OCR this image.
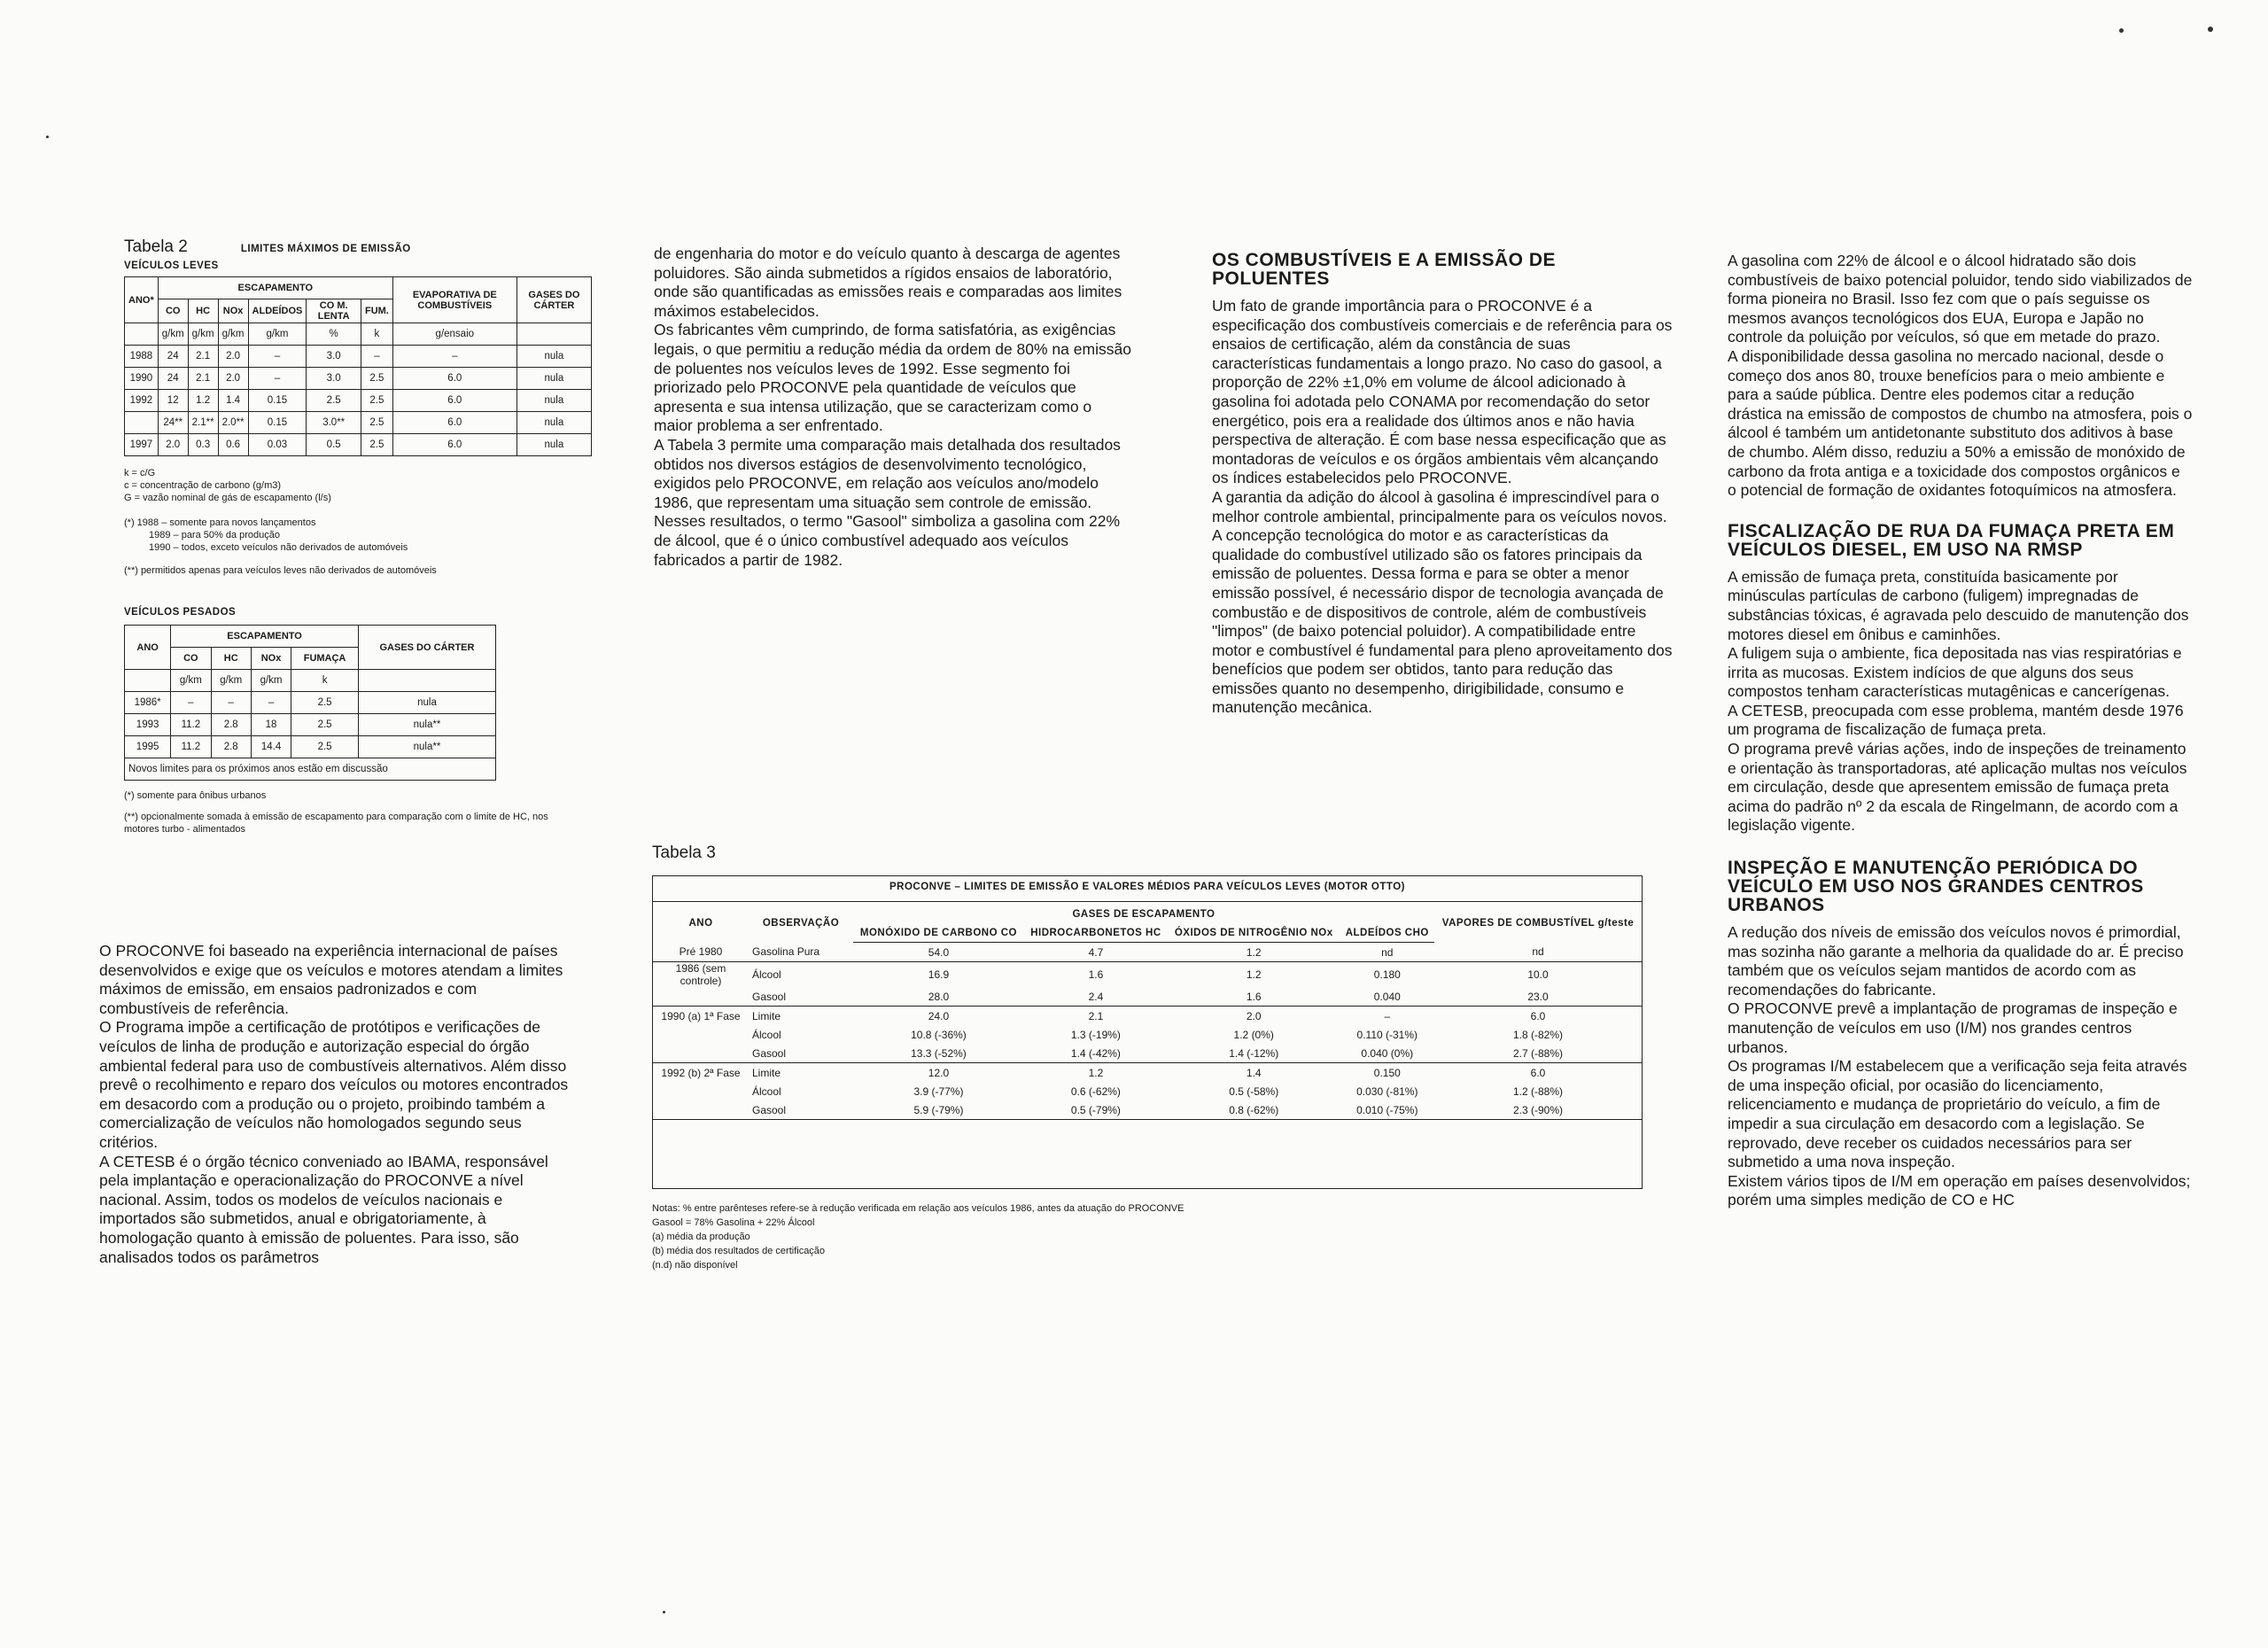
Tabela 2	LIMITES MÁXIMOS DE EMISSÃO
VEÍCULOS LEVES
ANO*	ESCAPAMENTO						EVAPORATIVA DE COMBUSTÍVEIS	GASES DO CÁRTER
	CO	HC	NOx	ALDEÍDOS	CO M. LENTA	FUM.		
	g/km	g/km	g/km	g/km	%	k	g/ensaio	
1988	24	2.1	2.0	–	3.0	–	–	nula
1990	24	2.1	2.0	–	3.0	2.5	6.0	nula
1992	12	1.2	1.4	0.15	2.5	2.5	6.0	nula
	24**	2.1**	2.0**	0.15	3.0**	2.5	6.0	nula
1997	2.0	0.3	0.6	0.03	0.5	2.5	6.0	nula
k = c/G
c = concentração de carbono (g/m3)
G = vazão nominal de gás de escapamento (l/s)
(*) 1988 – somente para novos lançamentos
1989 – para 50% da produção
1990 – todos, exceto veículos não derivados de automóveis
(**) permitidos apenas para veículos leves não derivados de automóveis
VEÍCULOS PESADOS
ANO	ESCAPAMENTO				GASES DO CÁRTER
	CO	HC	NOx	FUMAÇA	
	g/km	g/km	g/km	k	
1986*	–	–	–	2.5	nula
1993	11.2	2.8	18	2.5	nula**
1995	11.2	2.8	14.4	2.5	nula**
Novos limites para os próximos anos estão em discussão					
(*) somente para ônibus urbanos
(**) opcionalmente somada à emissão de escapamento para comparação com o limite de HC, nos motores turbo - alimentados

O PROCONVE foi baseado na experiência internacional de países desenvolvidos e exige que os veículos e motores atendam a limites máximos de emissão, em ensaios padronizados e com combustíveis de referência.

O Programa impõe a certificação de protótipos e verificações de veículos de linha de produção e autorização especial do órgão ambiental federal para uso de combustíveis alternativos. Além disso prevê o recolhimento e reparo dos veículos ou motores encontrados em desacordo com a produção ou o projeto, proibindo também a comercialização de veículos não homologados segundo seus critérios.

A CETESB é o órgão técnico conveniado ao IBAMA, responsável pela implantação e operacionalização do PROCONVE a nível nacional. Assim, todos os modelos de veículos nacionais e importados são submetidos, anual e obrigatoriamente, à homologação quanto à emissão de poluentes. Para isso, são analisados todos os parâmetros

de engenharia do motor e do veículo quanto à descarga de agentes poluidores. São ainda submetidos a rígidos ensaios de laboratório, onde são quantificadas as emissões reais e comparadas aos limites máximos estabelecidos.

Os fabricantes vêm cumprindo, de forma satisfatória, as exigências legais, o que permitiu a redução média da ordem de 80% na emissão de poluentes nos veículos leves de 1992. Esse segmento foi priorizado pelo PROCONVE pela quantidade de veículos que apresenta e sua intensa utilização, que se caracterizam como o maior problema a ser enfrentado.

A Tabela 3 permite uma comparação mais detalhada dos resultados obtidos nos diversos estágios de desenvolvimento tecnológico, exigidos pelo PROCONVE, em relação aos veículos ano/modelo 1986, que representam uma situação sem controle de emissão. Nesses resultados, o termo "Gasool" simboliza a gasolina com 22% de álcool, que é o único combustível adequado aos veículos fabricados a partir de 1982.

OS COMBUSTÍVEIS E A EMISSÃO DE POLUENTES

Um fato de grande importância para o PROCONVE é a especificação dos combustíveis comerciais e de referência para os ensaios de certificação, além da constância de suas características fundamentais a longo prazo. No caso do gasool, a proporção de 22% ±1,0% em volume de álcool adicionado à gasolina foi adotada pelo CONAMA por recomendação do setor energético, pois era a realidade dos últimos anos e não havia perspectiva de alteração. É com base nessa especificação que as montadoras de veículos e os órgãos ambientais vêm alcançando os índices estabelecidos pelo PROCONVE.

A garantia da adição do álcool à gasolina é imprescindível para o melhor controle ambiental, principalmente para os veículos novos.

A concepção tecnológica do motor e as características da qualidade do combustível utilizado são os fatores principais da emissão de poluentes. Dessa forma e para se obter a menor emissão possível, é necessário dispor de tecnologia avançada de combustão e de dispositivos de controle, além de combustíveis "limpos" (de baixo potencial poluidor). A compatibilidade entre motor e combustível é fundamental para pleno aproveitamento dos benefícios que podem ser obtidos, tanto para redução das emissões quanto no desempenho, dirigibilidade, consumo e manutenção mecânica.

A gasolina com 22% de álcool e o álcool hidratado são dois combustíveis de baixo potencial poluidor, tendo sido viabilizados de forma pioneira no Brasil. Isso fez com que o país seguisse os mesmos avanços tecnológicos dos EUA, Europa e Japão no controle da poluição por veículos, só que em metade do prazo.

A disponibilidade dessa gasolina no mercado nacional, desde o começo dos anos 80, trouxe benefícios para o meio ambiente e para a saúde pública. Dentre eles podemos citar a redução drástica na emissão de compostos de chumbo na atmosfera, pois o álcool é também um antidetonante substituto dos aditivos à base de chumbo. Além disso, reduziu a 50% a emissão de monóxido de carbono da frota antiga e a toxicidade dos compostos orgânicos e o potencial de formação de oxidantes fotoquímicos na atmosfera.

FISCALIZAÇÃO DE RUA DA FUMAÇA PRETA EM VEÍCULOS DIESEL, EM USO NA RMSP

A emissão de fumaça preta, constituída basicamente por minúsculas partículas de carbono (fuligem) impregnadas de substâncias tóxicas, é agravada pelo descuido de manutenção dos motores diesel em ônibus e caminhões.

A fuligem suja o ambiente, fica depositada nas vias respiratórias e irrita as mucosas. Existem indícios de que alguns dos seus compostos tenham características mutagênicas e cancerígenas.

A CETESB, preocupada com esse problema, mantém desde 1976 um programa de fiscalização de fumaça preta.

O programa prevê várias ações, indo de inspeções de treinamento e orientação às transportadoras, até aplicação multas nos veículos em circulação, desde que apresentem emissão de fumaça preta acima do padrão nº 2 da escala de Ringelmann, de acordo com a legislação vigente.

INSPEÇÃO E MANUTENÇÃO PERIÓDICA DO VEÍCULO EM USO NOS GRANDES CENTROS URBANOS

A redução dos níveis de emissão dos veículos novos é primordial, mas sozinha não garante a melhoria da qualidade do ar. É preciso também que os veículos sejam mantidos de acordo com as recomendações do fabricante.

O PROCONVE prevê a implantação de programas de inspeção e manutenção de veículos em uso (I/M) nos grandes centros urbanos.

Os programas I/M estabelecem que a verificação seja feita através de uma inspeção oficial, por ocasião do licenciamento, relicenciamento e mudança de proprietário do veículo, a fim de impedir a sua circulação em desacordo com a legislação. Se reprovado, deve receber os cuidados necessários para ser submetido a uma nova inspeção.

Existem vários tipos de I/M em operação em países desenvolvidos; porém uma simples medição de CO e HC

Tabela 3
PROCONVE – LIMITES DE EMISSÃO E VALORES MÉDIOS PARA VEÍCULOS LEVES (MOTOR OTTO)
ANO	OBSERVAÇÃO	GASES DE ESCAPAMENTO				VAPORES DE COMBUSTÍVEL g/teste
		MONÓXIDO DE CARBONO CO	HIDROCARBONETOS HC	ÓXIDOS DE NITROGÊNIO NOx	ALDEÍDOS CHO	
Pré 1980	Gasolina Pura	54.0	4.7	1.2	nd	nd
1986 (sem controle)	Álcool	16.9	1.6	1.2	0.180	10.0
	Gasool	28.0	2.4	1.6	0.040	23.0
1990 (a) 1ª Fase	Limite	24.0	2.1	2.0	–	6.0
	Álcool	10.8 (-36%)	1.3 (-19%)	1.2 (0%)	0.110 (-31%)	1.8 (-82%)
	Gasool	13.3 (-52%)	1.4 (-42%)	1.4 (-12%)	0.040 (0%)	2.7 (-88%)
1992 (b) 2ª Fase	Limite	12.0	1.2	1.4	0.150	6.0
	Álcool	3.9 (-77%)	0.6 (-62%)	0.5 (-58%)	0.030 (-81%)	1.2 (-88%)
	Gasool	5.9 (-79%)	0.5 (-79%)	0.8 (-62%)	0.010 (-75%)	2.3 (-90%)
Notas: % entre parênteses refere-se à redução verificada em relação aos veículos 1986, antes da atuação do PROCONVE
Gasool = 78% Gasolina + 22% Álcool
(a) média da produção
(b) média dos resultados de certificação
(n.d) não disponível
